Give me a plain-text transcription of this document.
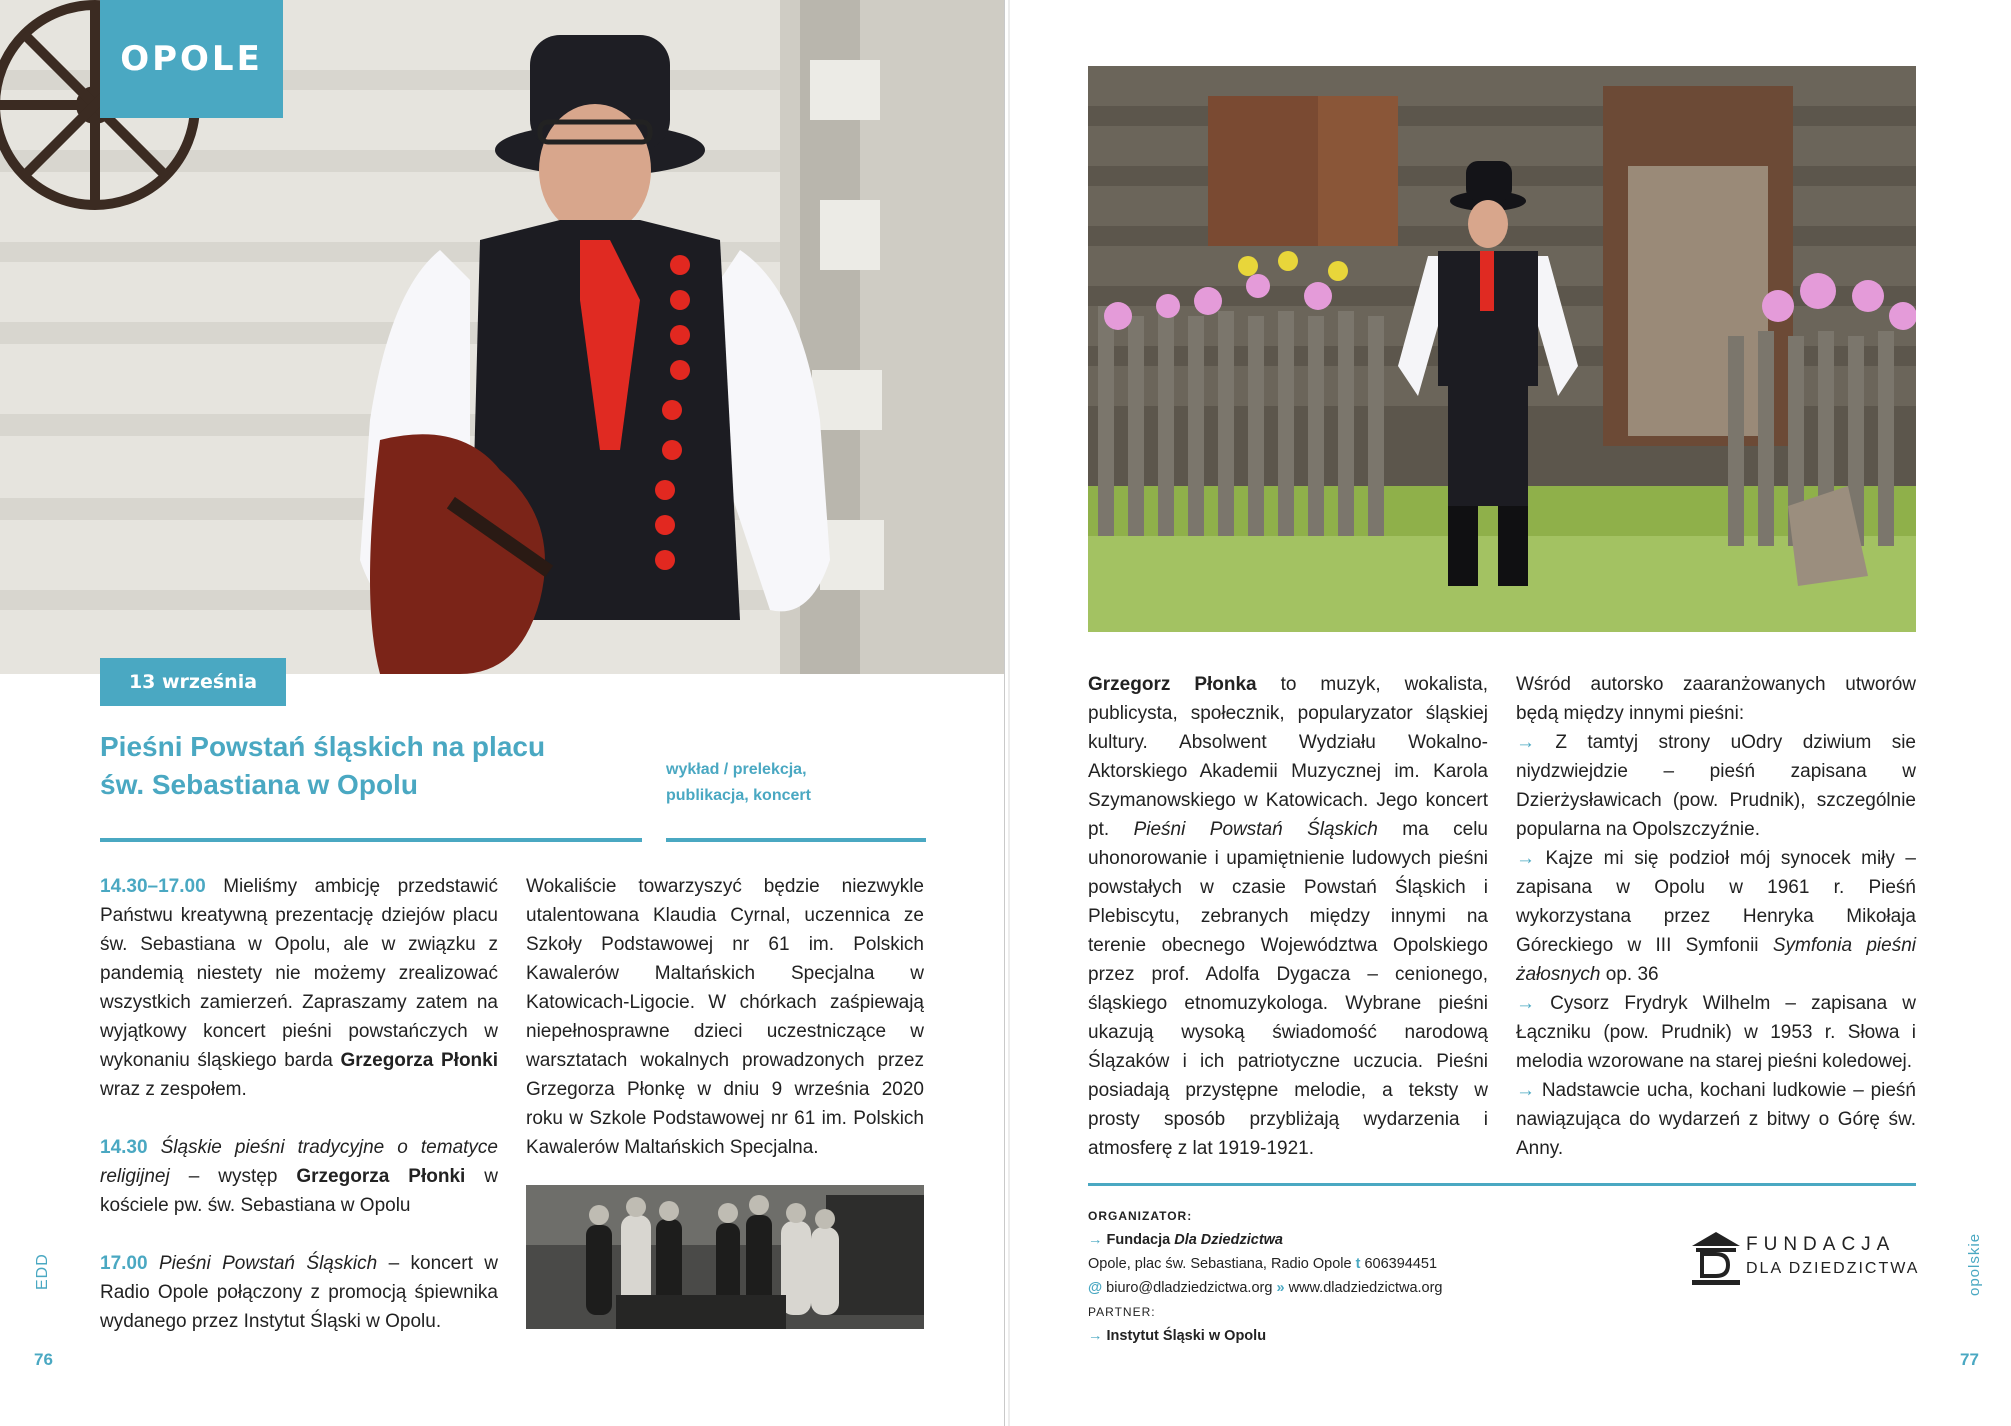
OPOLE
13 września
Pieśni Powstań śląskich na placu
św. Sebastiana w Opolu	wykład / prelekcja,
publikacja, koncert

14.30–17.00 Mieliśmy ambicję przedstawić Państwu kreatywną prezentację dziejów placu św. Sebastiana w Opolu, ale w związku z pandemią niestety nie możemy zrealizować wszystkich zamierzeń. Zapraszamy zatem na wyjątkowy koncert pieśni powstańczych w wykonaniu śląskiego barda Grzegorza Płonki wraz z zespołem.

14.30 Śląskie pieśni tradycyjne o tematyce religijnej – występ Grzegorza Płonki w kościele pw. św. Sebastiana w Opolu

17.00 Pieśni Powstań Śląskich – koncert w Radio Opole połączony z promocją śpiewnika wydanego przez Instytut Śląski w Opolu.

Wokaliście towarzyszyć będzie niezwykle utalentowana Klaudia Cyrnal, uczennica ze Szkoły Podstawowej nr 61 im. Polskich Kawalerów Maltańskich Specjalna w Katowicach-Ligocie. W chórkach zaśpiewają niepełnosprawne dzieci uczestniczące w warsztatach wokalnych prowadzonych przez Grzegorza Płonkę w dniu 9 września 2020 roku w Szkole Podstawowej nr 61 im. Polskich Kawalerów Maltańskich Specjalna.

EDD
76

Grzegorz Płonka to muzyk, wokalista, publicysta, społecznik, popularyzator śląskiej kultury. Absolwent Wydziału Wokalno-Aktorskiego Akademii Muzycznej im. Karola Szymanowskiego w Katowicach. Jego koncert pt. Pieśni Powstań Śląskich ma celu uhonorowanie i upamiętnienie ludowych pieśni powstałych w czasie Powstań Śląskich i Plebiscytu, zebranych między innymi na terenie obecnego Województwa Opolskiego przez prof. Adolfa Dygacza – cenionego, śląskiego etnomuzykologa. Wybrane pieśni ukazują wysoką świadomość narodową Ślązaków i ich patriotyczne uczucia. Pieśni posiadają przystępne melodie, a teksty w prosty sposób przybliżają wydarzenia i atmosferę z lat 1919-1921.

Wśród autorsko zaaranżowanych utworów będą między innymi pieśni:

→ Z tamtyj strony uOdry dziwium sie niydzwiejdzie – pieśń zapisana w Dzierżysławicach (pow. Prudnik), szczególnie popularna na Opolszczyźnie.

→ Kajze mi się podzioł mój synocek miły – zapisana w Opolu w 1961 r. Pieśń wykorzystana przez Henryka Mikołaja Góreckiego w III Symfonii Symfonia pieśni żałosnych op. 36

→ Cysorz Frydryk Wilhelm – zapisana w Łączniku (pow. Prudnik) w 1953 r. Słowa i melodia wzorowane na starej pieśni koledowej.

→ Nadstawcie ucha, kochani ludkowie – pieśń nawiązująca do wydarzeń z bitwy o Górę św. Anny.

ORGANIZATOR:
→ Fundacja Dla Dziedzictwa
Opole, plac św. Sebastiana, Radio Opole t 606394451
@ biuro@dladziedzictwa.org » www.dladziedzictwa.org
PARTNER:
→ Instytut Śląski w Opolu
FUNDACJA
DLA DZIEDZICTWA	opolskie
77
